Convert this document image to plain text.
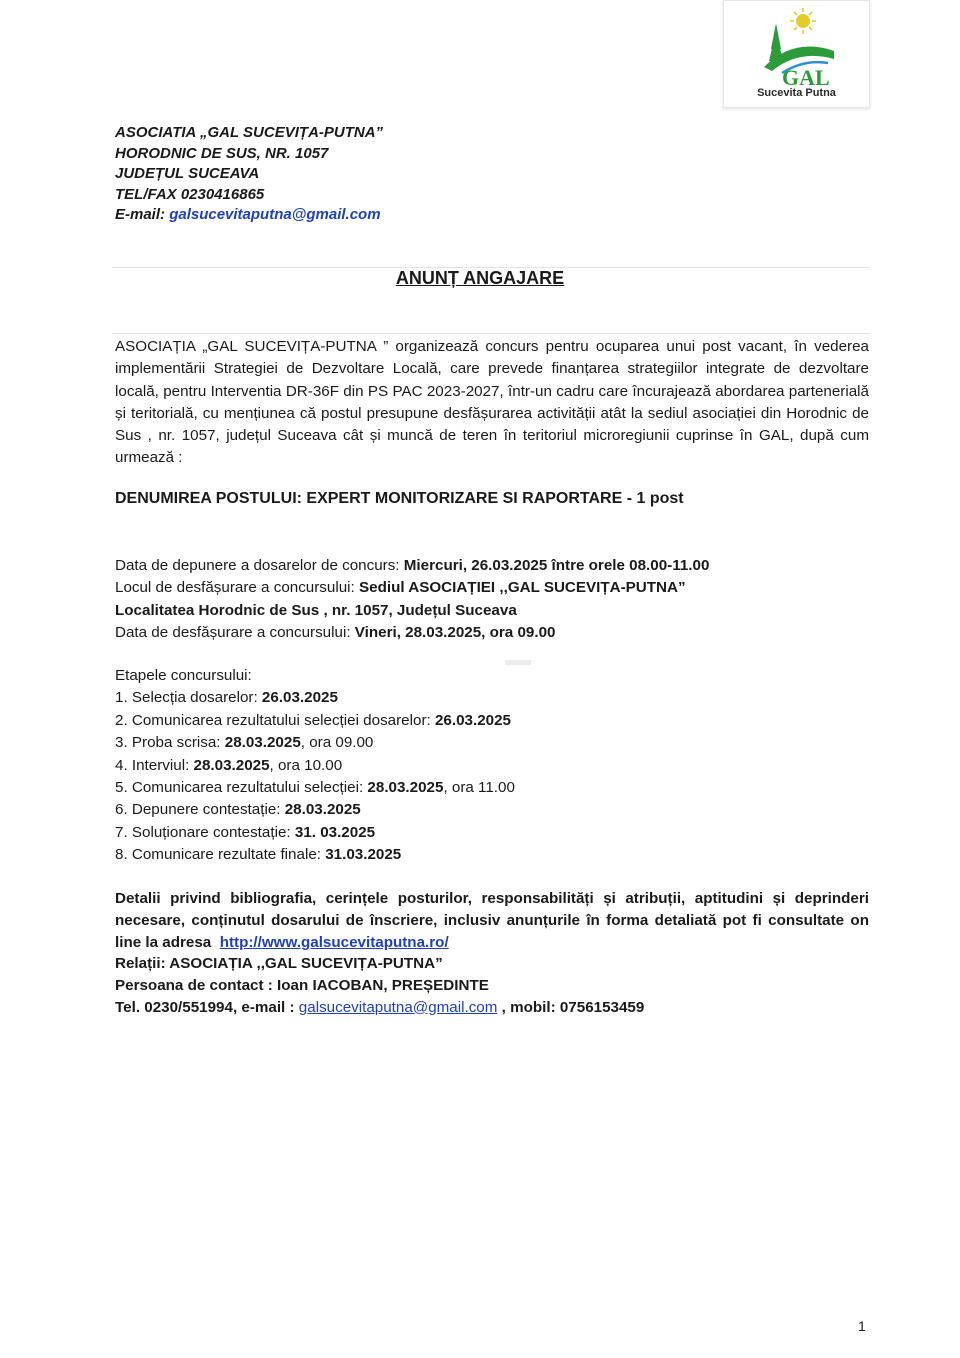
GAL
Sucevita Putna
ASOCIATIA „GAL SUCEVIȚA-PUTNA”
HORODNIC DE SUS, NR. 1057
JUDEȚUL SUCEAVA
TEL/FAX 0230416865
E-mail: galsucevitaputna@gmail.com
ANUNȚ ANGAJARE
ASOCIAȚIA „GAL SUCEVIȚA-PUTNA ” organizează concurs pentru ocuparea unui post vacant, în vederea implementării Strategiei de Dezvoltare Locală, care prevede finanțarea strategiilor integrate de dezvoltare locală, pentru Interventia DR-36F din PS PAC 2023-2027, într-un cadru care încurajează abordarea partenerială și teritorială, cu mențiunea că postul presupune desfășurarea activității atât la sediul asociației din Horodnic de Sus , nr. 1057, județul Suceava cât și muncă de teren în teritoriul microregiunii cuprinse în GAL, după cum urmează :
DENUMIREA POSTULUI: EXPERT MONITORIZARE SI RAPORTARE - 1 post
Data de depunere a dosarelor de concurs: Miercuri, 26.03.2025 între orele 08.00-11.00
Locul de desfășurare a concursului: Sediul ASOCIAȚIEI ,,GAL SUCEVIȚA-PUTNA”
Localitatea Horodnic de Sus , nr. 1057, Județul Suceava
Data de desfășurare a concursului: Vineri, 28.03.2025, ora 09.00
Etapele concursului:
1. Selecția dosarelor: 26.03.2025
2. Comunicarea rezultatului selecției dosarelor: 26.03.2025
3. Proba scrisa: 28.03.2025, ora 09.00
4. Interviul: 28.03.2025, ora 10.00
5. Comunicarea rezultatului selecției: 28.03.2025, ora 11.00
6. Depunere contestație: 28.03.2025
7. Soluționare contestație: 31. 03.2025
8. Comunicare rezultate finale: 31.03.2025
Detalii privind bibliografia, cerințele posturilor, responsabilități și atribuții, aptitudini și deprinderi necesare, conținutul dosarului de înscriere, inclusiv anunțurile în forma detaliată pot fi consultate on line la adresa http://www.galsucevitaputna.ro/
Relații: ASOCIAȚIA ,,GAL SUCEVIȚA-PUTNA”
Persoana de contact : Ioan IACOBAN, PREȘEDINTE
Tel. 0230/551994, e-mail : galsucevitaputna@gmail.com , mobil: 0756153459
1
